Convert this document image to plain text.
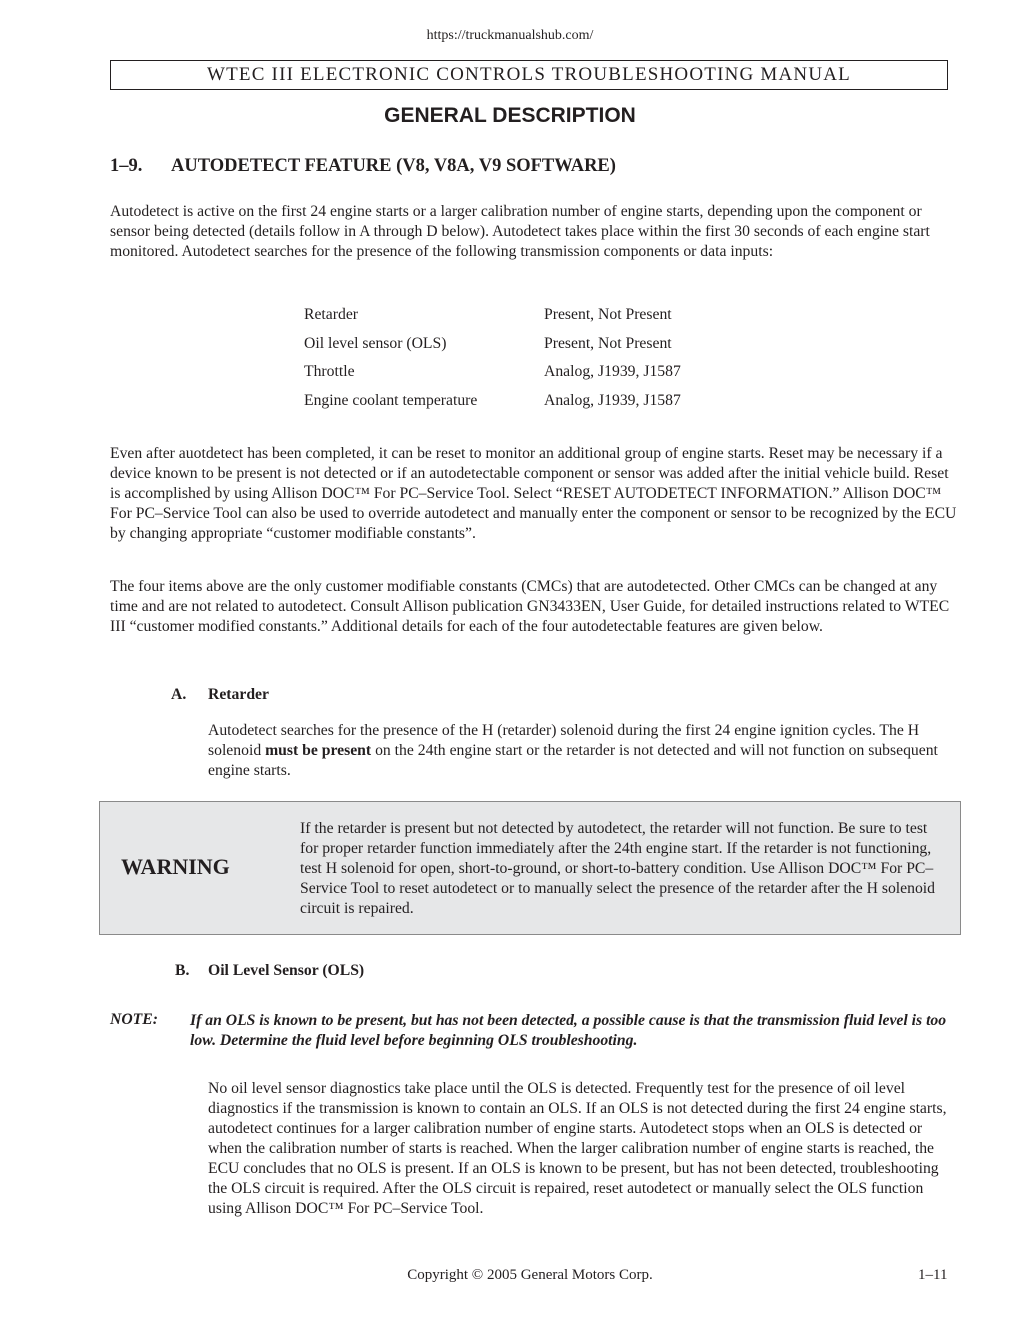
https://truckmanualshub.com/
WTEC III ELECTRONIC CONTROLS TROUBLESHOOTING MANUAL
GENERAL DESCRIPTION
1–9. AUTODETECT FEATURE (V8, V8A, V9 SOFTWARE)

Autodetect is active on the first 24 engine starts or a larger calibration number of engine starts, depending upon the component or sensor being detected (details follow in A through D below). Autodetect takes place within the first 30 seconds of each engine start monitored. Autodetect searches for the presence of the following transmission components or data inputs:

Retarder	Present, Not Present
Oil level sensor (OLS)	Present, Not Present
Throttle	Analog, J1939, J1587
Engine coolant temperature	Analog, J1939, J1587

Even after auotdetect has been completed, it can be reset to monitor an additional group of engine starts. Reset may be necessary if a device known to be present is not detected or if an autodetectable component or sensor was added after the initial vehicle build. Reset is accomplished by using Allison DOC™ For PC–Service Tool. Select “RESET AUTODETECT INFORMATION.” Allison DOC™ For PC–Service Tool can also be used to override autodetect and manually enter the component or sensor to be recognized by the ECU by changing appropriate “customer modifiable constants”.

The four items above are the only customer modifiable constants (CMCs) that are autodetected. Other CMCs can be changed at any time and are not related to autodetect. Consult Allison publication GN3433EN, User Guide, for detailed instructions related to WTEC III “customer modified constants.” Additional details for each of the four autodetectable features are given below.

A. Retarder

Autodetect searches for the presence of the H (retarder) solenoid during the first 24 engine ignition cycles. The H solenoid must be present on the 24th engine start or the retarder is not detected and will not function on subsequent engine starts.

WARNING

If the retarder is present but not detected by autodetect, the retarder will not function. Be sure to test for proper retarder function immediately after the 24th engine start. If the retarder is not functioning, test H solenoid for open, short-to-ground, or short-to-battery condition. Use Allison DOC™ For PC–Service Tool to reset autodetect or to manually select the presence of the retarder after the H solenoid circuit is repaired.

B. Oil Level Sensor (OLS)
NOTE: If an OLS is known to be present, but has not been detected, a possible cause is that the transmission fluid level is too low. Determine the fluid level before beginning OLS troubleshooting.

No oil level sensor diagnostics take place until the OLS is detected. Frequently test for the presence of oil level diagnostics if the transmission is known to contain an OLS. If an OLS is not detected during the first 24 engine starts, autodetect continues for a larger calibration number of engine starts. Autodetect stops when an OLS is detected or when the calibration number of starts is reached. When the larger calibration number of engine starts is reached, the ECU concludes that no OLS is present. If an OLS is known to be present, but has not been detected, troubleshooting the OLS circuit is required. After the OLS circuit is repaired, reset autodetect or manually select the OLS function using Allison DOC™ For PC–Service Tool.

Copyright © 2005 General Motors Corp.	1–11
